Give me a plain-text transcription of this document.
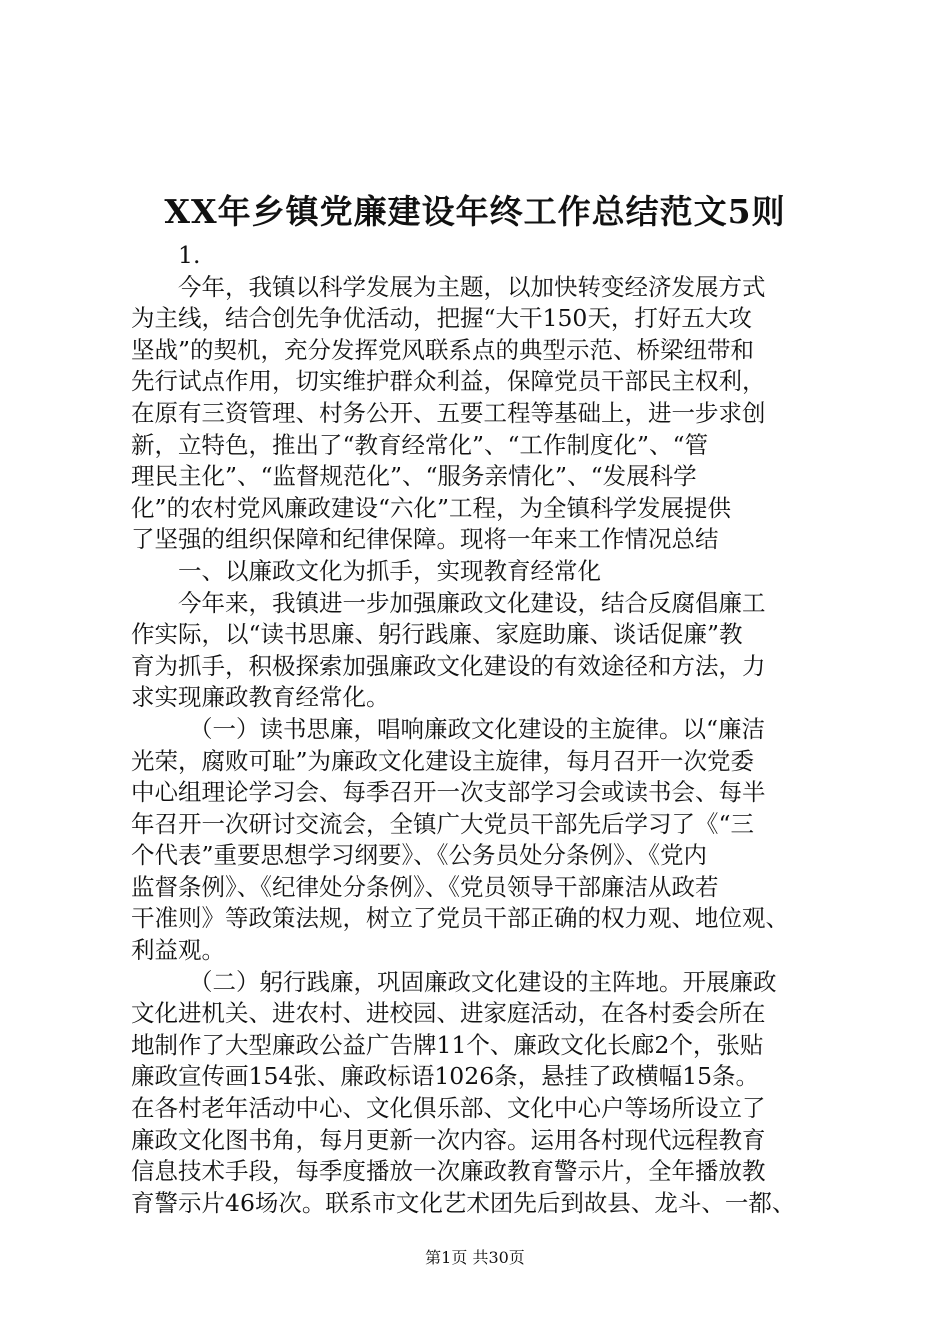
XX年乡镇党廉建设年终工作总结范文5则
1.
今年，我镇以科学发展为主题，以加快转变经济发展方式
为主线，结合创先争优活动，把握“大干150天，打好五大攻
坚战”的契机，充分发挥党风联系点的典型示范、桥梁纽带和
先行试点作用，切实维护群众利益，保障党员干部民主权利，
在原有三资管理、村务公开、五要工程等基础上，进一步求创
新，立特色，推出了“教育经常化”、“工作制度化”、“管
理民主化”、“监督规范化”、“服务亲情化”、“发展科学
化”的农村党风廉政建设“六化”工程，为全镇科学发展提供
了坚强的组织保障和纪律保障。现将一年来工作情况总结
一、以廉政文化为抓手，实现教育经常化
今年来，我镇进一步加强廉政文化建设，结合反腐倡廉工
作实际，以“读书思廉、躬行践廉、家庭助廉、谈话促廉”教
育为抓手，积极探索加强廉政文化建设的有效途径和方法，力
求实现廉政教育经常化。
（一）读书思廉，唱响廉政文化建设的主旋律。以“廉洁
光荣，腐败可耻”为廉政文化建设主旋律，每月召开一次党委
中心组理论学习会、每季召开一次支部学习会或读书会、每半
年召开一次研讨交流会，全镇广大党员干部先后学习了《“三
个代表”重要思想学习纲要》、《公务员处分条例》、《党内
监督条例》、《纪律处分条例》、《党员领导干部廉洁从政若
干准则》等政策法规，树立了党员干部正确的权力观、地位观、
利益观。
（二）躬行践廉，巩固廉政文化建设的主阵地。开展廉政
文化进机关、进农村、进校园、进家庭活动，在各村委会所在
地制作了大型廉政公益广告牌11个、廉政文化长廊2个，张贴
廉政宣传画154张、廉政标语1026条，悬挂了政横幅15条。
在各村老年活动中心、文化俱乐部、文化中心户等场所设立了
廉政文化图书角，每月更新一次内容。运用各村现代远程教育
信息技术手段，每季度播放一次廉政教育警示片，全年播放教
育警示片46场次。联系市文化艺术团先后到故县、龙斗、一都、
第1页 共30页
